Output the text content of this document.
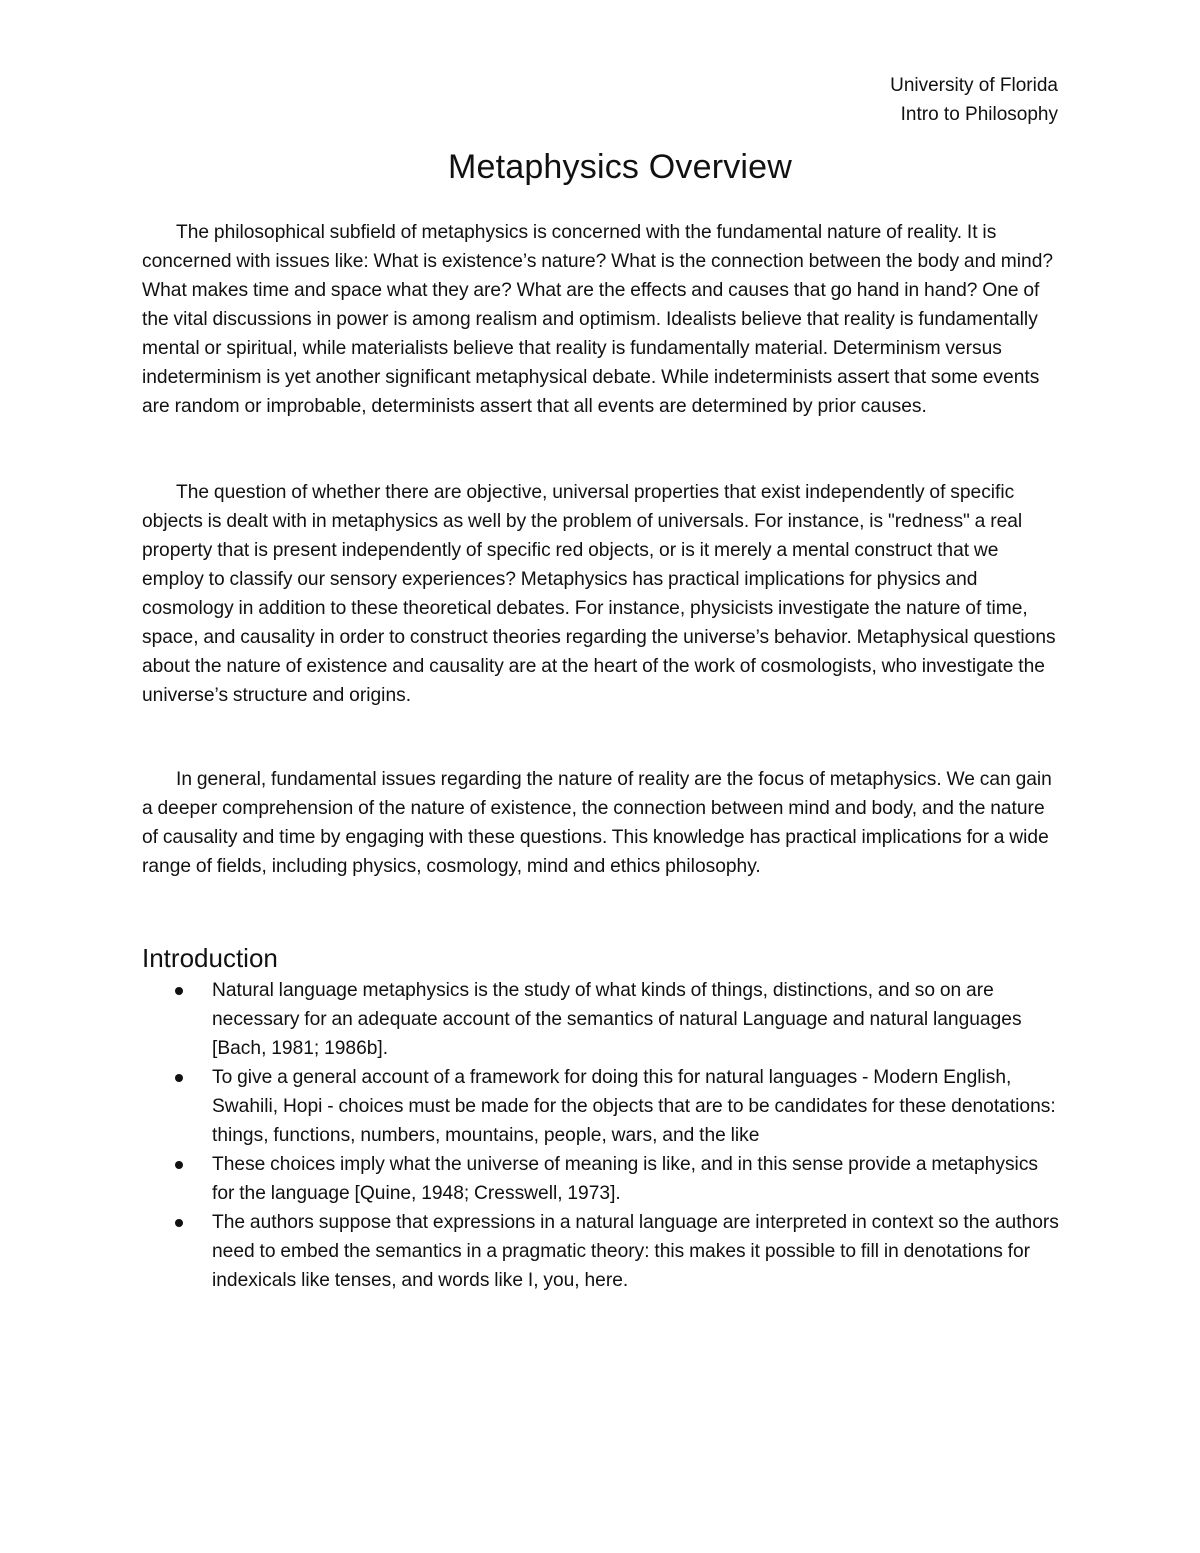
University of Florida
Intro to Philosophy
Metaphysics Overview

The philosophical subfield of metaphysics is concerned with the fundamental nature of reality. It is concerned with issues like: What is existence’s nature? What is the connection between the body and mind? What makes time and space what they are? What are the effects and causes that go hand in hand? One of the vital discussions in power is among realism and optimism. Idealists believe that reality is fundamentally mental or spiritual, while materialists believe that reality is fundamentally material. Determinism versus indeterminism is yet another significant metaphysical debate. While indeterminists assert that some events are random or improbable, determinists assert that all events are determined by prior causes.

The question of whether there are objective, universal properties that exist independently of specific objects is dealt with in metaphysics as well by the problem of universals. For instance, is "redness" a real property that is present independently of specific red objects, or is it merely a mental construct that we employ to classify our sensory experiences? Metaphysics has practical implications for physics and cosmology in addition to these theoretical debates. For instance, physicists investigate the nature of time, space, and causality in order to construct theories regarding the universe’s behavior. Metaphysical questions about the nature of existence and causality are at the heart of the work of cosmologists, who investigate the universe’s structure and origins.

In general, fundamental issues regarding the nature of reality are the focus of metaphysics. We can gain a deeper comprehension of the nature of existence, the connection between mind and body, and the nature of causality and time by engaging with these questions. This knowledge has practical implications for a wide range of fields, including physics, cosmology, mind and ethics philosophy.

Introduction
Natural language metaphysics is the study of what kinds of things, distinctions, and so on are necessary for an adequate account of the semantics of natural Language and natural languages [Bach, 1981; 1986b].
To give a general account of a framework for doing this for natural languages - Modern English, Swahili, Hopi - choices must be made for the objects that are to be candidates for these denotations: things, functions, numbers, mountains, people, wars, and the like
These choices imply what the universe of meaning is like, and in this sense provide a metaphysics for the language [Quine, 1948; Cresswell, 1973].
The authors suppose that expressions in a natural language are interpreted in context so the authors need to embed the semantics in a pragmatic theory: this makes it possible to fill in denotations for indexicals like tenses, and words like I, you, here.
